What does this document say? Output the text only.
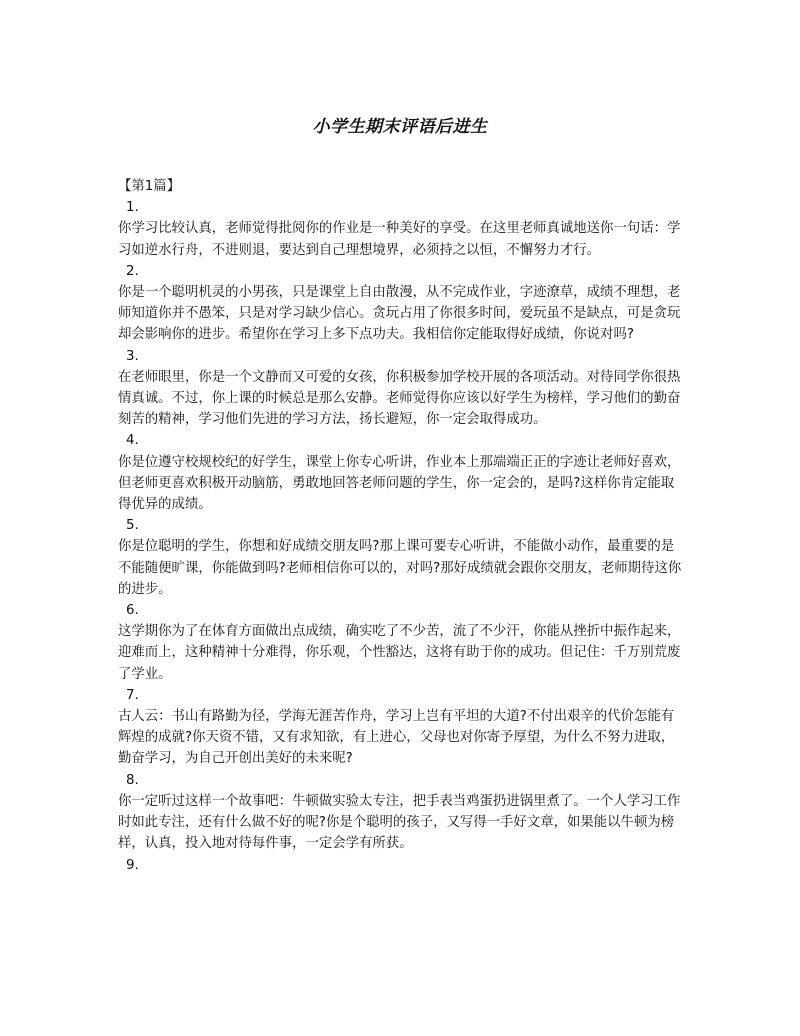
小学生期末评语后进生
【第1篇】
1.

你学习比较认真，老师觉得批阅你的作业是一种美好的享受。在这里老师真诚地送你一句话：学习如逆水行舟，不进则退，要达到自己理想境界，必须持之以恒，不懈努力才行。

2.

你是一个聪明机灵的小男孩，只是课堂上自由散漫，从不完成作业，字迹潦草，成绩不理想，老师知道你并不愚笨，只是对学习缺少信心。贪玩占用了你很多时间，爱玩虽不是缺点，可是贪玩却会影响你的进步。希望你在学习上多下点功夫。我相信你定能取得好成绩，你说对吗?

3.

在老师眼里，你是一个文静而又可爱的女孩，你积极参加学校开展的各项活动。对待同学你很热情真诚。不过，你上课的时候总是那么安静。老师觉得你应该以好学生为榜样，学习他们的勤奋刻苦的精神，学习他们先进的学习方法，扬长避短，你一定会取得成功。

4.

你是位遵守校规校纪的好学生，课堂上你专心听讲，作业本上那端端正正的字迹让老师好喜欢，但老师更喜欢积极开动脑筋，勇敢地回答老师问题的学生，你一定会的，是吗?这样你肯定能取得优异的成绩。

5.

你是位聪明的学生，你想和好成绩交朋友吗?那上课可要专心听讲，不能做小动作，最重要的是不能随便旷课，你能做到吗?老师相信你可以的，对吗?那好成绩就会跟你交朋友，老师期待这你的进步。

6.

这学期你为了在体育方面做出点成绩，确实吃了不少苦，流了不少汗，你能从挫折中振作起来，迎难而上，这种精神十分难得，你乐观，个性豁达，这将有助于你的成功。但记住：千万别荒废了学业。

7.

古人云：书山有路勤为径，学海无涯苦作舟，学习上岂有平坦的大道?不付出艰辛的代价怎能有辉煌的成就?你天资不错，又有求知欲，有上进心，父母也对你寄予厚望，为什么不努力进取，勤奋学习，为自己开创出美好的未来呢?

8.

你一定听过这样一个故事吧：牛顿做实验太专注，把手表当鸡蛋扔进锅里煮了。一个人学习工作时如此专注，还有什么做不好的呢?你是个聪明的孩子，又写得一手好文章，如果能以牛顿为榜样，认真，投入地对待每件事，一定会学有所获。

9.
